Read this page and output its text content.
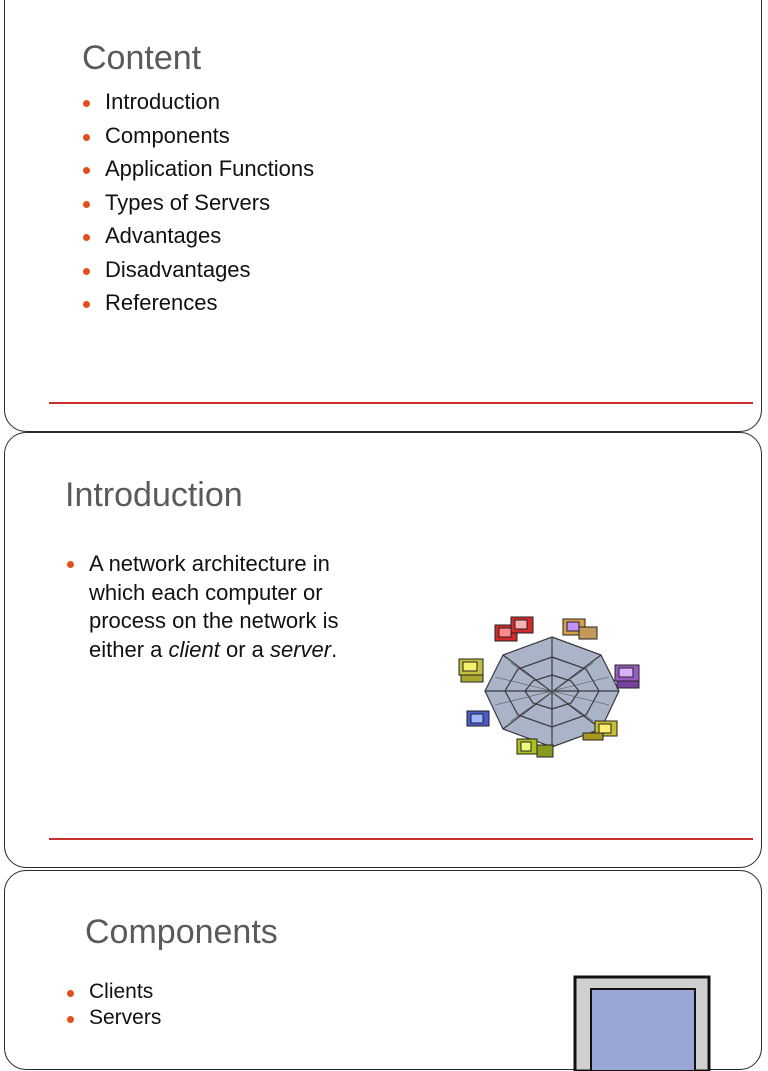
Content
Introduction
Components
Application Functions
Types of Servers
Advantages
Disadvantages
References
Introduction
A network architecture in which each computer or process on the network is either a client or a server.
Components
Clients
Servers
